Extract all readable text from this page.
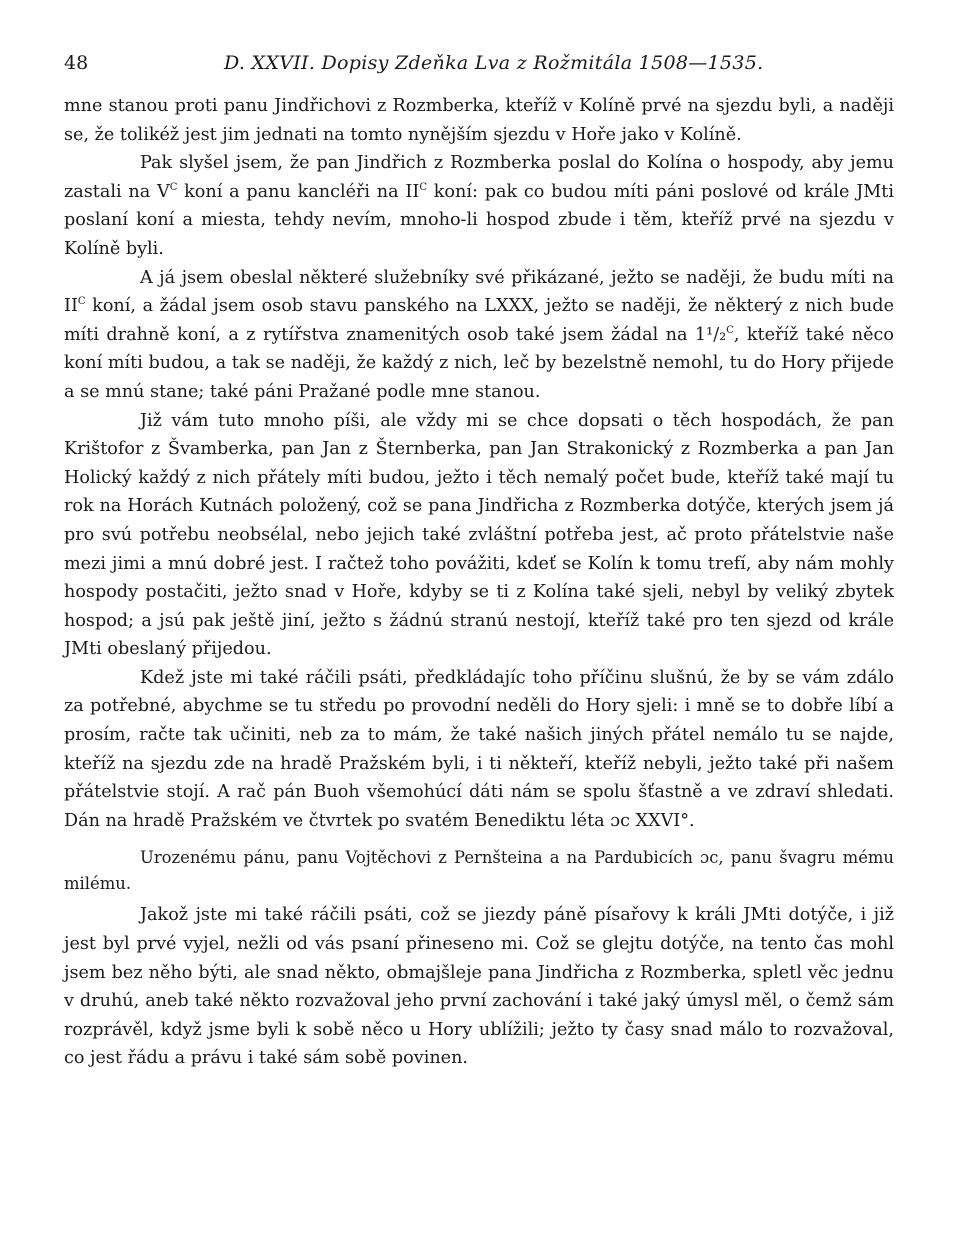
48	D. XXVII. Dopisy Zdeňka Lva z Rožmitála 1508—1535.

mne stanou proti panu Jindřichovi z Rozmberka, kteříž v Kolíně prvé na sjezdu byli, a naději se, že tolikéž jest jim jednati na tomto nynějším sjezdu v Hoře jako v Kolíně.

Pak slyšel jsem, že pan Jindřich z Rozmberka poslal do Kolína o hospody, aby jemu zastali na $V^C$ koní a panu kancléři na $II^C$ koní: pak co budou míti páni poslové od krále JMti poslaní koní a miesta, tehdy nevím, mnoho-li hospod zbude i těm, kteříž prvé na sjezdu v Kolíně byli.

A já jsem obeslal některé služebníky své přikázané, ježto se naději, že budu míti na $II^C$ koní, a žádal jsem osob stavu panského na LXXX, ježto se naději, že některý z nich bude míti drahně koní, a z rytířstva znamenitých osob také jsem žádal na 1¹/₂$^C$, kteříž také něco koní míti budou, a tak se naději, že každý z nich, leč by bezelstně nemohl, tu do Hory přijede a se mnú stane; také páni Pražané podle mne stanou.

Již vám tuto mnoho píši, ale vždy mi se chce dopsati o těch hospodách, že pan Krištofor z Švamberka, pan Jan z Šternberka, pan Jan Strakonický z Rozmberka a pan Jan Holický každý z nich přátely míti budou, ježto i těch nemalý počet bude, kteříž také mají tu rok na Horách Kutnách položený, což se pana Jindřicha z Rozmberka dotýče, kterých jsem já pro svú potřebu neobsélal, nebo jejich také zvláštní potřeba jest, ač proto přátelstvie naše mezi jimi a mnú dobré jest. I račtež toho povážiti, kdeť se Kolín k tomu trefí, aby nám mohly hospody postačiti, ježto snad v Hoře, kdyby se ti z Kolína také sjeli, nebyl by veliký zbytek hospod; a jsú pak ještě jiní, ježto s žádnú stranú nestojí, kteříž také pro ten sjezd od krále JMti obeslaný přijedou.

Kdež jste mi také ráčili psáti, předkládajíc toho příčinu slušnú, že by se vám zdálo za potřebné, abychme se tu středu po provodní neděli do Hory sjeli: i mně se to dobře líbí a prosím, račte tak učiniti, neb za to mám, že také našich jiných přátel nemálo tu se najde, kteříž na sjezdu zde na hradě Pražském byli, i ti někteří, kteříž nebyli, ježto také při našem přátelstvie stojí. A rač pán Buoh všemohúcí dáti nám se spolu šťastně a ve zdraví shledati. Dán na hradě Pražském ve čtvrtek po svatém Benediktu léta ɔc XXVI°.

Urozenému pánu, panu Vojtěchovi z Pernšteina a na Pardubicích ɔc, panu švagru mému milému.

Jakož jste mi také ráčili psáti, což se jiezdy páně písařovy k králi JMti dotýče, i již jest byl prvé vyjel, nežli od vás psaní přineseno mi. Což se glejtu dotýče, na tento čas mohl jsem bez něho býti, ale snad někto, obmajšleje pana Jindřicha z Rozmberka, spletl věc jednu v druhú, aneb také někto rozvažoval jeho první zachování i také jaký úmysl měl, o čemž sám rozprávěl, když jsme byli k sobě něco u Hory ublížili; ježto ty časy snad málo to rozvažoval, co jest řádu a právu i také sám sobě povinen.
